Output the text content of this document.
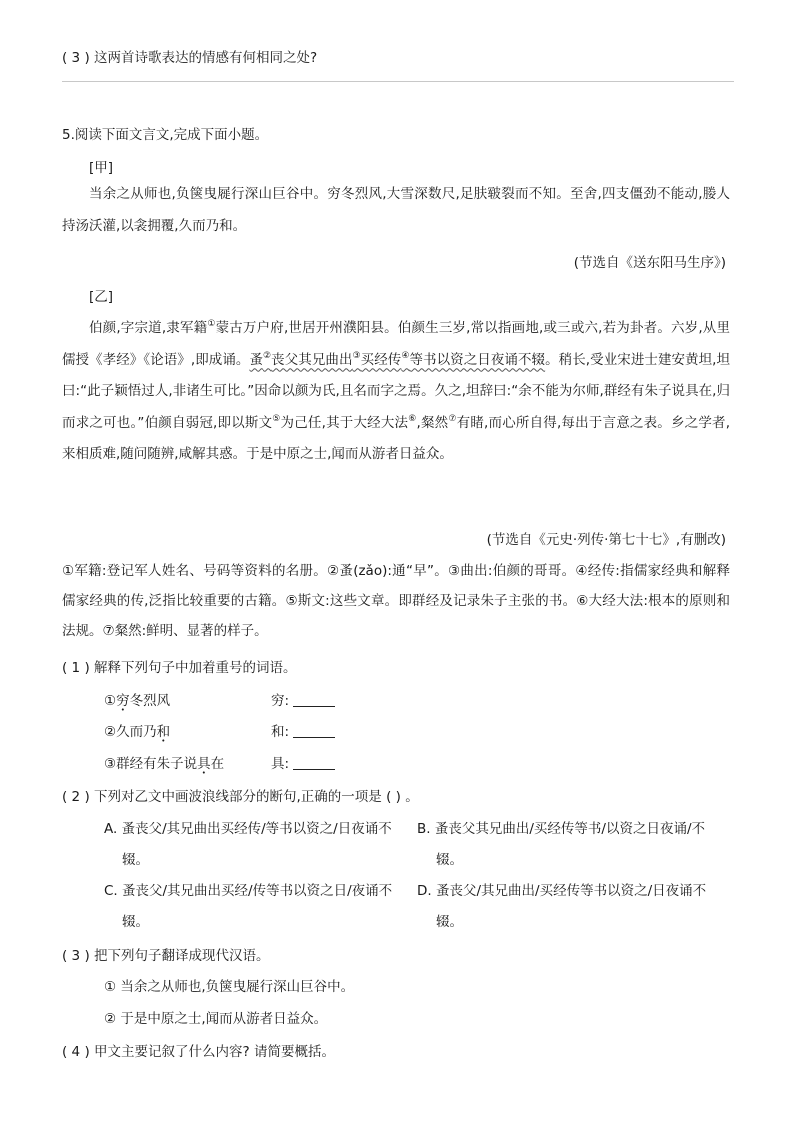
( 3 ) 这两首诗歌表达的情感有何相同之处?
5.阅读下面文言文,完成下面小题。
[甲]
当余之从师也,负箧曳屣行深山巨谷中。穷冬烈风,大雪深数尺,足肤皲裂而不知。至舍,四支僵劲不能动,媵人持汤沃灌,以衾拥覆,久而乃和。
(节选自《送东阳马生序》)
[乙]
伯颜,字宗道,隶军籍①蒙古万户府,世居开州濮阳县。伯颜生三岁,常以指画地,或三或六,若为卦者。六岁,从里儒授《孝经》《论语》,即成诵。蚤②丧父其兄曲出③买经传④等书以资之日夜诵不辍。稍长,受业宋进士建安黄坦,坦曰:“此子颖悟过人,非诸生可比。”因命以颜为氏,且名而字之焉。久之,坦辞曰:“余不能为尔师,群经有朱子说具在,归而求之可也。”伯颜自弱冠,即以斯文⑤为己任,其于大经大法⑥,粲然⑦有睹,而心所自得,每出于言意之表。乡之学者,来相质难,随问随辨,咸解其惑。于是中原之士,闻而从游者日益众。
(节选自《元史·列传·第七十七》,有删改)
①军籍:登记军人姓名、号码等资料的名册。②蚤(zǎo):通“早”。③曲出:伯颜的哥哥。④经传:指儒家经典和解释儒家经典的传,泛指比较重要的古籍。⑤斯文:这些文章。即群经及记录朱子主张的书。⑥大经大法:根本的原则和法规。⑦粲然:鲜明、显著的样子。
( 1 ) 解释下列句子中加着重号的词语。
①穷冬烈风	穷:
②久而乃和	和:
③群经有朱子说具在	具:
( 2 ) 下列对乙文中画波浪线部分的断句,正确的一项是 ( ) 。
A. 蚤丧父/其兄曲出买经传/等书以资之/日夜诵不
辍。
B. 蚤丧父其兄曲出/买经传等书/以资之日夜诵/不
辍。
C. 蚤丧父/其兄曲出买经/传等书以资之日/夜诵不
辍。
D. 蚤丧父/其兄曲出/买经传等书以资之/日夜诵不
辍。
( 3 ) 把下列句子翻译成现代汉语。
① 当余之从师也,负箧曳屣行深山巨谷中。
② 于是中原之士,闻而从游者日益众。
( 4 ) 甲文主要记叙了什么内容? 请简要概括。
